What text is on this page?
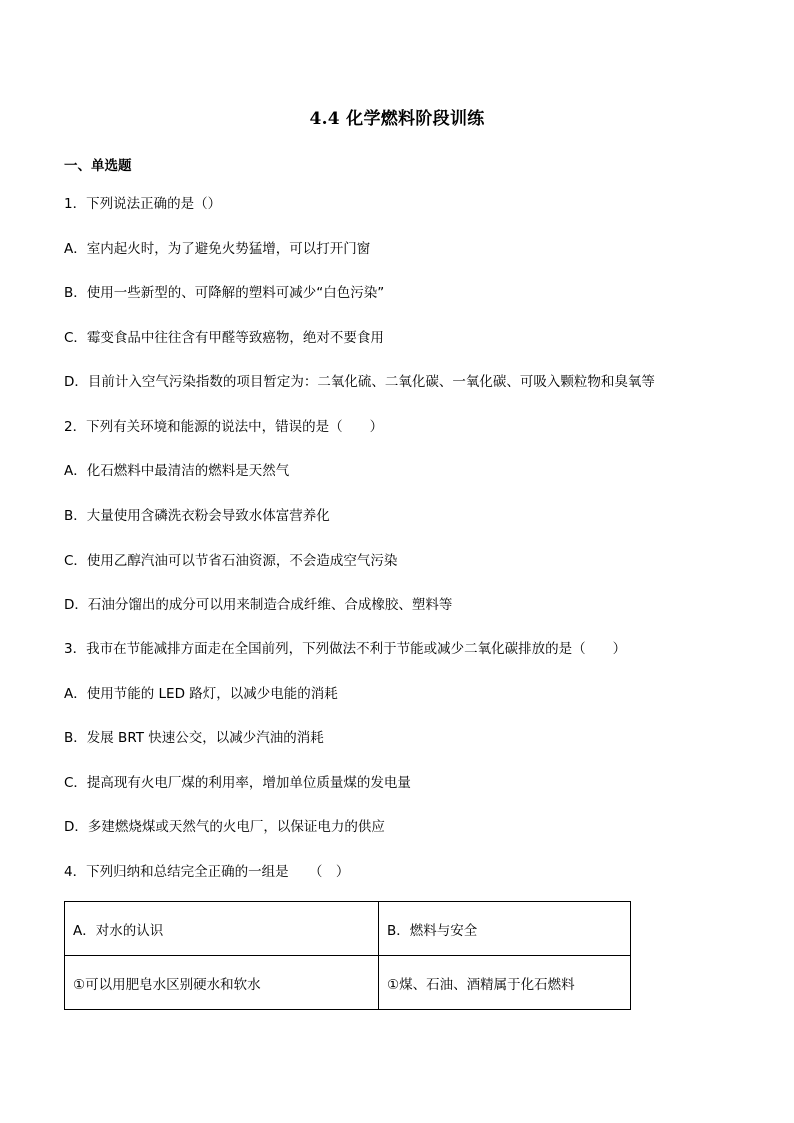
4.4 化学燃料阶段训练
一、单选题
1．下列说法正确的是（）
A．室内起火时，为了避免火势猛增，可以打开门窗
B．使用一些新型的、可降解的塑料可减少“白色污染”
C．霉变食品中往往含有甲醛等致癌物，绝对不要食用
D．目前计入空气污染指数的项目暂定为：二氧化硫、二氧化碳、一氧化碳、可吸入颗粒物和臭氧等
2．下列有关环境和能源的说法中，错误的是（　　）
A．化石燃料中最清洁的燃料是天然气
B．大量使用含磷洗衣粉会导致水体富营养化
C．使用乙醇汽油可以节省石油资源，不会造成空气污染
D．石油分馏出的成分可以用来制造合成纤维、合成橡胶、塑料等
3．我市在节能减排方面走在全国前列，下列做法不利于节能或减少二氧化碳排放的是（　　）
A．使用节能的 LED 路灯，以减少电能的消耗
B．发展 BRT 快速公交，以减少汽油的消耗
C．提高现有火电厂煤的利用率，增加单位质量煤的发电量
D．多建燃烧煤或天然气的火电厂，以保证电力的供应
4．下列归纳和总结完全正确的一组是　　（　）
A．对水的认识	B．燃料与安全
①可以用肥皂水区别硬水和软水	①煤、石油、酒精属于化石燃料
